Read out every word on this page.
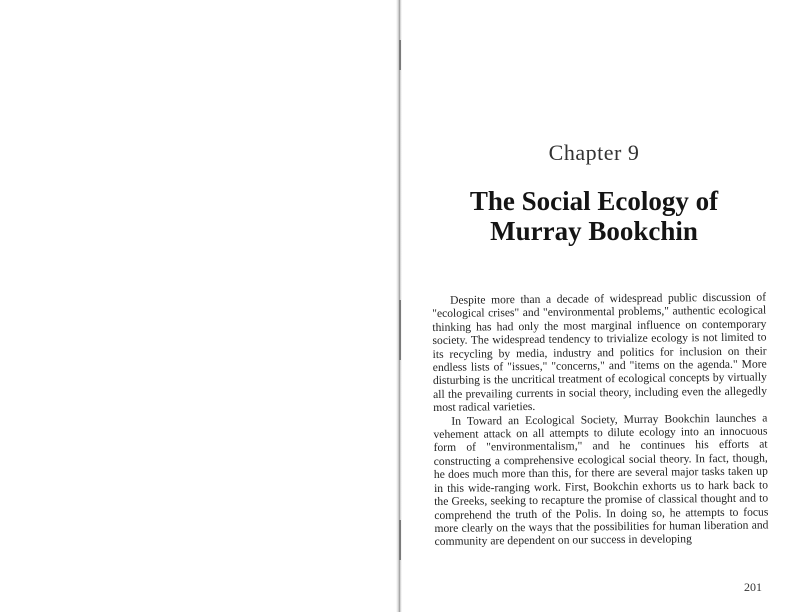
Chapter 9
The Social Ecology of
Murray Bookchin

Despite more than a decade of widespread public discussion of "ecological crises" and "environmental problems," authentic ecological thinking has had only the most marginal influence on contemporary society. The widespread tendency to trivialize ecology is not limited to its recycling by media, industry and politics for inclusion on their endless lists of "issues," "concerns," and "items on the agenda." More disturbing is the uncritical treatment of ecological concepts by virtually all the prevailing currents in social theory, including even the allegedly most radical varieties.

In Toward an Ecological Society, Murray Bookchin launches a vehement attack on all attempts to dilute ecology into an innocuous form of "environmentalism," and he continues his efforts at constructing a comprehensive ecological social theory. In fact, though, he does much more than this, for there are several major tasks taken up in this wide-ranging work. First, Bookchin exhorts us to hark back to the Greeks, seeking to recapture the promise of classical thought and to comprehend the truth of the Polis. In doing so, he attempts to focus more clearly on the ways that the possibilities for human liberation and community are dependent on our success in developing

201
